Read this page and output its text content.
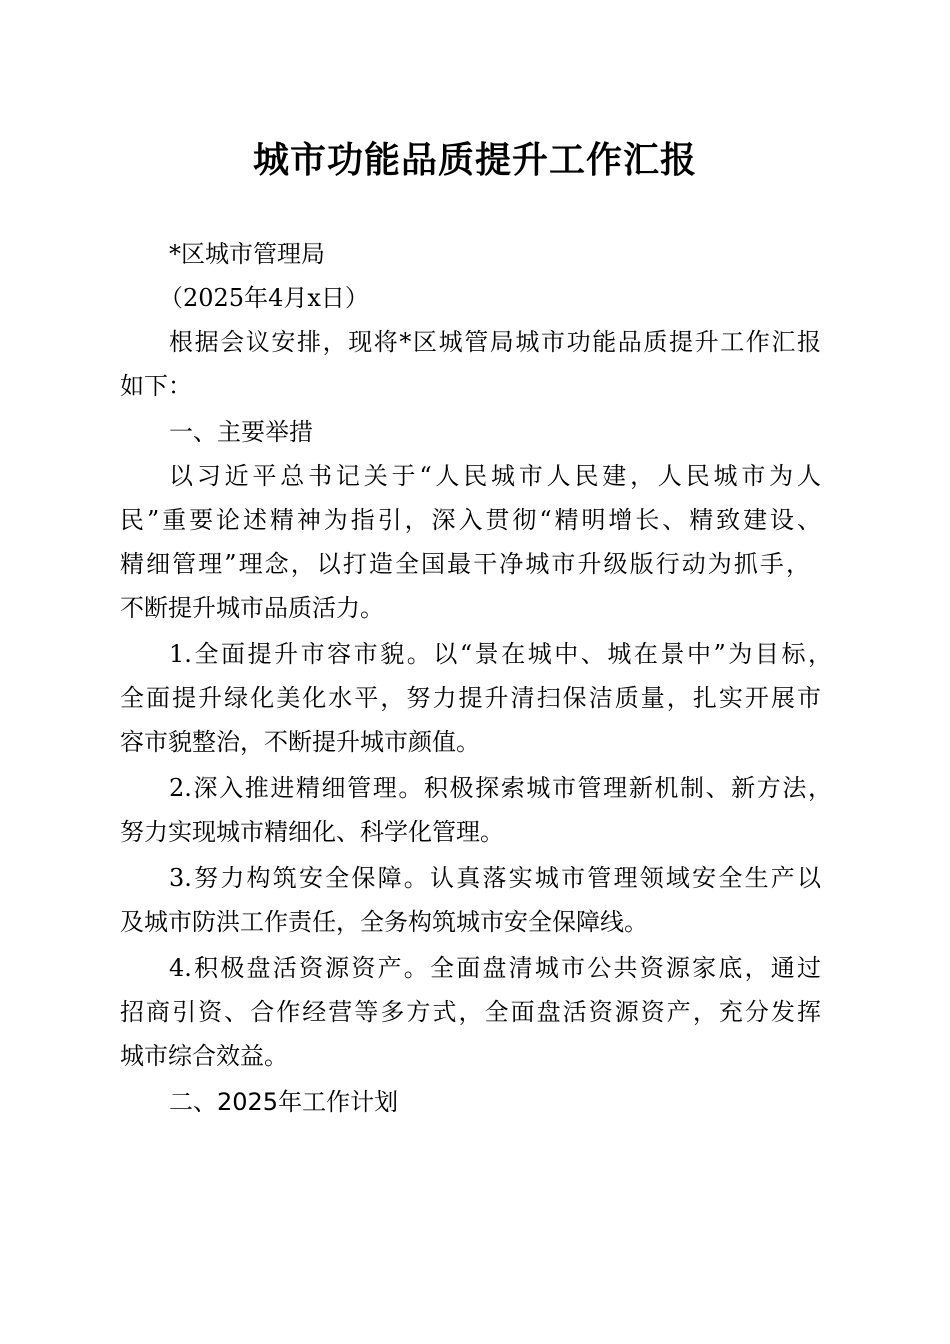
城市功能品质提升工作汇报
*区城市管理局
（2025年4月x日）
根据会议安排，现将*区城管局城市功能品质提升工作汇报
如下：
一、主要举措
以习近平总书记关于“人民城市人民建，人民城市为人
民”重要论述精神为指引，深入贯彻“精明增长、精致建设、
精细管理”理念，以打造全国最干净城市升级版行动为抓手，
不断提升城市品质活力。
1.全面提升市容市貌。以“景在城中、城在景中”为目标，
全面提升绿化美化水平，努力提升清扫保洁质量，扎实开展市
容市貌整治，不断提升城市颜值。
2.深入推进精细管理。积极探索城市管理新机制、新方法，
努力实现城市精细化、科学化管理。
3.努力构筑安全保障。认真落实城市管理领域安全生产以
及城市防洪工作责任，全务构筑城市安全保障线。
4.积极盘活资源资产。全面盘清城市公共资源家底，通过
招商引资、合作经营等多方式，全面盘活资源资产，充分发挥
城市综合效益。
二、2025年工作计划
